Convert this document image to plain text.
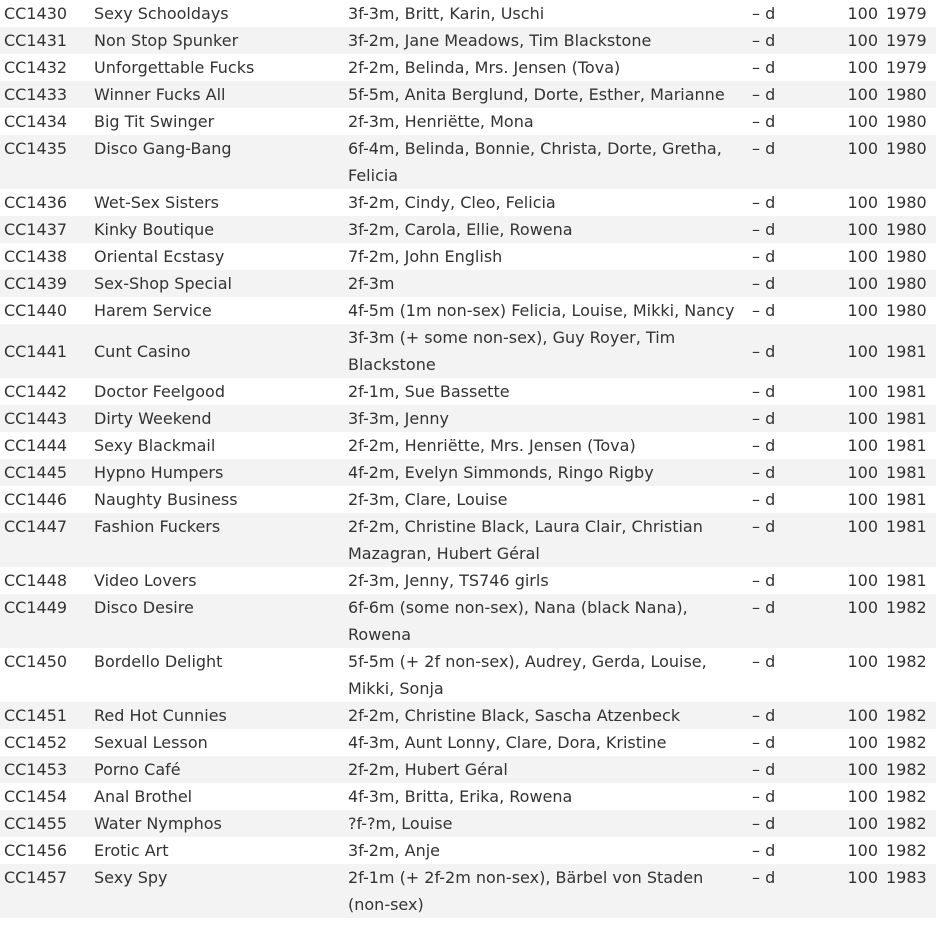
CC1430	Sexy Schooldays	3f-3m, Britt, Karin, Uschi	– d	100	1979
CC1431	Non Stop Spunker	3f-2m, Jane Meadows, Tim Blackstone	– d	100	1979
CC1432	Unforgettable Fucks	2f-2m, Belinda, Mrs. Jensen (Tova)	– d	100	1979
CC1433	Winner Fucks All	5f-5m, Anita Berglund, Dorte, Esther, Marianne	– d	100	1980
CC1434	Big Tit Swinger	2f-3m, Henriëtte, Mona	– d	100	1980
CC1435	Disco Gang-Bang	6f-4m, Belinda, Bonnie, Christa, Dorte, Gretha, Felicia	– d	100	1980
CC1436	Wet-Sex Sisters	3f-2m, Cindy, Cleo, Felicia	– d	100	1980
CC1437	Kinky Boutique	3f-2m, Carola, Ellie, Rowena	– d	100	1980
CC1438	Oriental Ecstasy	7f-2m, John English	– d	100	1980
CC1439	Sex-Shop Special	2f-3m	– d	100	1980
CC1440	Harem Service	4f-5m (1m non-sex) Felicia, Louise, Mikki, Nancy	– d	100	1980
CC1441	Cunt Casino	3f-3m (+ some non-sex), Guy Royer, Tim Blackstone	– d	100	1981
CC1442	Doctor Feelgood	2f-1m, Sue Bassette	– d	100	1981
CC1443	Dirty Weekend	3f-3m, Jenny	– d	100	1981
CC1444	Sexy Blackmail	2f-2m, Henriëtte, Mrs. Jensen (Tova)	– d	100	1981
CC1445	Hypno Humpers	4f-2m, Evelyn Simmonds, Ringo Rigby	– d	100	1981
CC1446	Naughty Business	2f-3m, Clare, Louise	– d	100	1981
CC1447	Fashion Fuckers	2f-2m, Christine Black, Laura Clair, Christian Mazagran, Hubert Géral	– d	100	1981
CC1448	Video Lovers	2f-3m, Jenny, TS746 girls	– d	100	1981
CC1449	Disco Desire	6f-6m (some non-sex), Nana (black Nana), Rowena	– d	100	1982
CC1450	Bordello Delight	5f-5m (+ 2f non-sex), Audrey, Gerda, Louise, Mikki, Sonja	– d	100	1982
CC1451	Red Hot Cunnies	2f-2m, Christine Black, Sascha Atzenbeck	– d	100	1982
CC1452	Sexual Lesson	4f-3m, Aunt Lonny, Clare, Dora, Kristine	– d	100	1982
CC1453	Porno Café	2f-2m, Hubert Géral	– d	100	1982
CC1454	Anal Brothel	4f-3m, Britta, Erika, Rowena	– d	100	1982
CC1455	Water Nymphos	?f-?m, Louise	– d	100	1982
CC1456	Erotic Art	3f-2m, Anje	– d	100	1982
CC1457	Sexy Spy	2f-1m (+ 2f-2m non-sex), Bärbel von Staden (non-sex)	– d	100	1983
